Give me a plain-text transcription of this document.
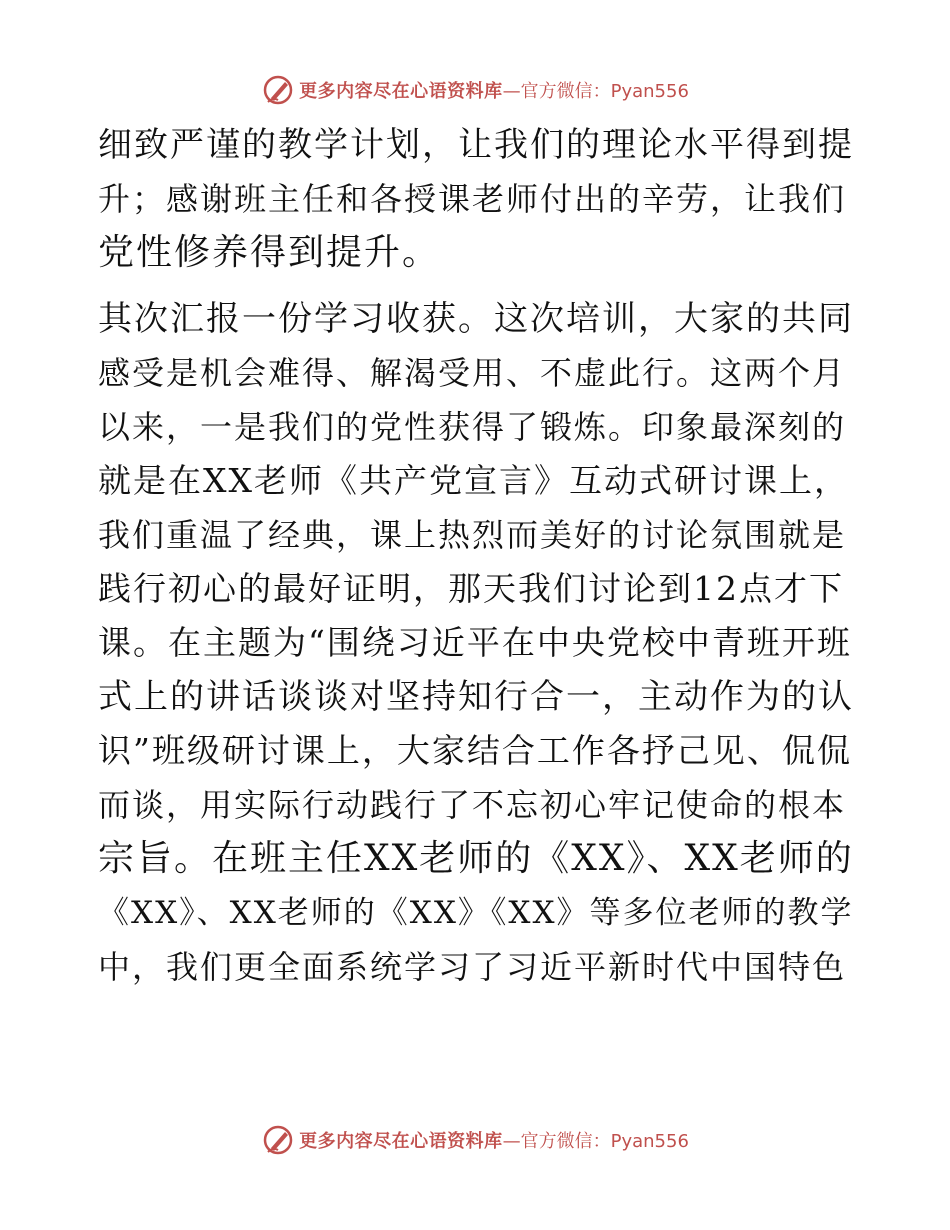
更多内容尽在心语资料库 —官方微信：Pyan556
细致严谨的教学计划，让我们的理论水平得到提
升；感谢班主任和各授课老师付出的辛劳，让我们
党性修养得到提升。
其次汇报一份学习收获。这次培训，大家的共同
感受是机会难得、解渴受用、不虚此行。这两个月
以来，一是我们的党性获得了锻炼。印象最深刻的
就是在XX老师《共产党宣言》互动式研讨课上，
我们重温了经典，课上热烈而美好的讨论氛围就是
践行初心的最好证明，那天我们讨论到12点才下
课。在主题为“围绕习近平在中央党校中青班开班
式上的讲话谈谈对坚持知行合一，主动作为的认
识”班级研讨课上，大家结合工作各抒己见、侃侃
而谈，用实际行动践行了不忘初心牢记使命的根本
宗旨。在班主任XX老师的《XX》、XX老师的
《XX》、XX老师的《XX》《XX》等多位老师的教学
中，我们更全面系统学习了习近平新时代中国特色
更多内容尽在心语资料库 —官方微信：Pyan556
